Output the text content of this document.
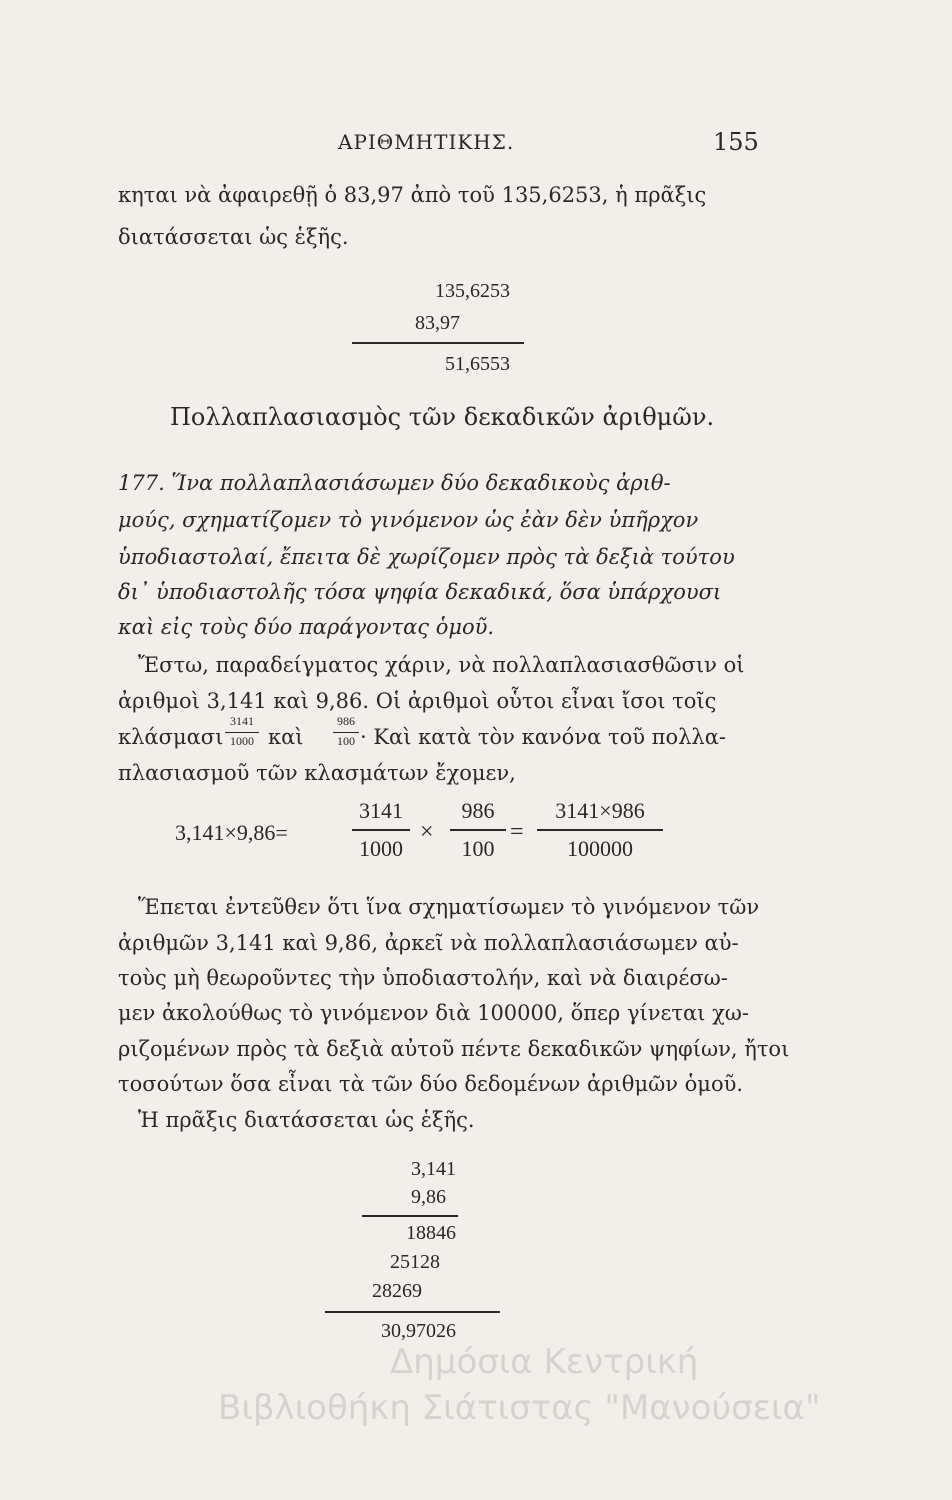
ΑΡΙΘΜΗΤΙΚΗΣ.	155
κηται νὰ ἀφαιρεθῇ ὁ 83,97 ἀπὸ τοῦ 135,6253, ἡ πρᾶξις
διατάσσεται ὡς ἑξῆς.
135,6253
83,97
51,6553
Πολλαπλασιασμὸς τῶν δεκαδικῶν ἀριθμῶν.
177. Ἵνα πολλαπλασιάσωμεν δύο δεκαδικοὺς ἀριθ-
μούς, σχηματίζομεν τὸ γινόμενον ὡς ἐὰν δὲν ὑπῆρχον
ὑποδιαστολαί, ἔπειτα δὲ χωρίζομεν πρὸς τὰ δεξιὰ τούτου
δι᾽ ὑποδιαστολῆς τόσα ψηφία δεκαδικά, ὅσα ὑπάρχουσι
καὶ εἰς τοὺς δύο παράγοντας ὁμοῦ.
Ἔστω, παραδείγματος χάριν, νὰ πολλαπλασιασθῶσιν οἱ
ἀριθμοὶ 3,141 καὶ 9,86. Οἱ ἀριθμοὶ οὗτοι εἶναι ἴσοι τοῖς
κλάσμασι
3141
1000 καὶ
986
100 · Καὶ κατὰ τὸν κανόνα τοῦ πολλα-
πλασιασμοῦ τῶν κλασμάτων ἔχομεν,
3,141×9,86=
3141
1000
×
986
100
=
3141×986
100000
Ἕπεται ἐντεῦθεν ὅτι ἵνα σχηματίσωμεν τὸ γινόμενον τῶν
ἀριθμῶν 3,141 καὶ 9,86, ἀρκεῖ νὰ πολλαπλασιάσωμεν αὐ-
τοὺς μὴ θεωροῦντες τὴν ὑποδιαστολήν, καὶ νὰ διαιρέσω-
μεν ἀκολούθως τὸ γινόμενον διὰ 100000, ὅπερ γίνεται χω-
ριζομένων πρὸς τὰ δεξιὰ αὐτοῦ πέντε δεκαδικῶν ψηφίων, ἤτοι
τοσούτων ὅσα εἶναι τὰ τῶν δύο δεδομένων ἀριθμῶν ὁμοῦ.
Ἡ πρᾶξις διατάσσεται ὡς ἑξῆς.
3,141
9,86
18846
25128
28269
30,97026
Δημόσια Κεντρική
Βιβλιοθήκη Σιάτιστας "Μανούσεια"
